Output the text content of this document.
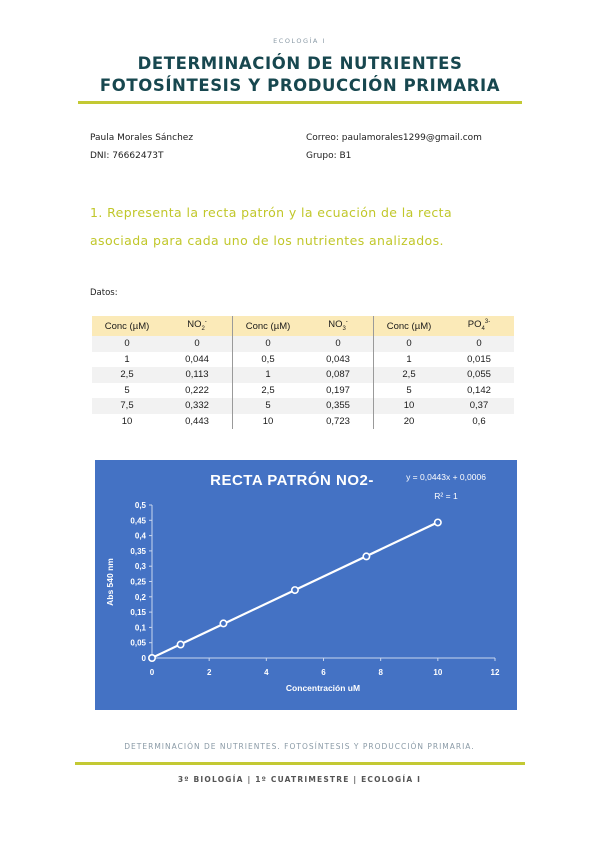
ECOLOGÍA I
DETERMINACIÓN DE NUTRIENTES
FOTOSÍNTESIS Y PRODUCCIÓN PRIMARIA
Paula Morales Sánchez
DNI: 76662473T
Correo: paulamorales1299@gmail.com
Grupo: B1
1. Representa la recta patrón y la ecuación de la recta
asociada para cada uno de los nutrientes analizados.
Datos:
Conc (µM)	$NO_2^-$	Conc (µM)	$NO_3^-$	Conc (µM)	$PO_4^{3-}$
0	0	0	0	0	0
1	0,044	0,5	0,043	1	0,015
2,5	0,113	1	0,087	2,5	0,055
5	0,222	2,5	0,197	5	0,142
7,5	0,332	5	0,355	10	0,37
10	0,443	10	0,723	20	0,6
RECTA PATRÓN NO2-	y = 0,0443x + 0,0006
R² = 1
Concentración uM
Abs 540 nm
0
0,05
0,1
0,15
0,2
0,25
0,3
0,35
0,4
0,45
0,5
0	2	4	6	8	10	12
DETERMINACIÓN DE NUTRIENTES. FOTOSÍNTESIS Y PRODUCCIÓN PRIMARIA.
3º BIOLOGÍA | 1º CUATRIMESTRE | ECOLOGÍA I
